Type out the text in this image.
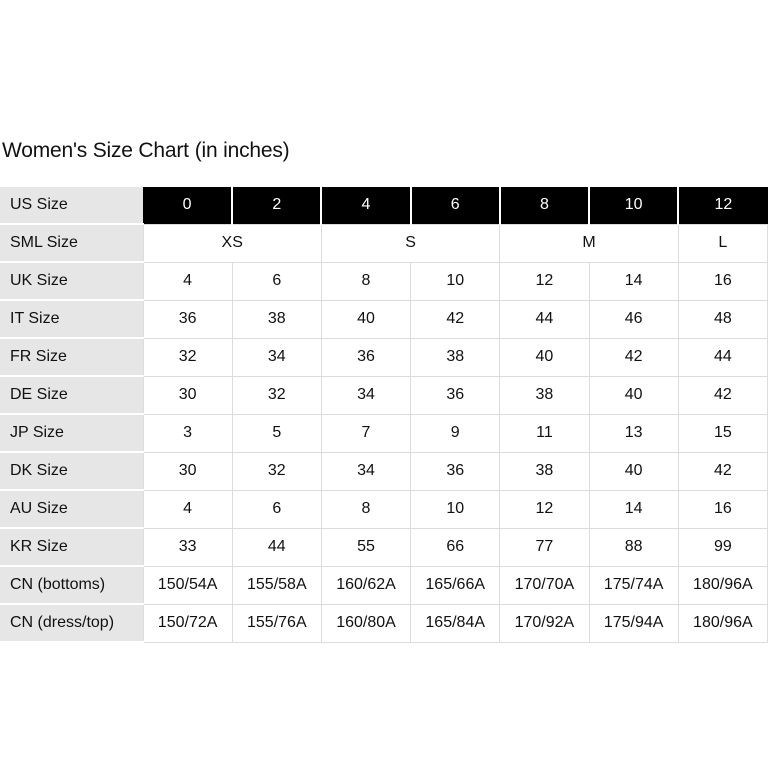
Women's Size Chart (in inches)
US Size	0	2	4	6	8	10	12
SML Size	XS		S		M		L
UK Size	4	6	8	10	12	14	16
IT Size	36	38	40	42	44	46	48
FR Size	32	34	36	38	40	42	44
DE Size	30	32	34	36	38	40	42
JP Size	3	5	7	9	11	13	15
DK Size	30	32	34	36	38	40	42
AU Size	4	6	8	10	12	14	16
KR Size	33	44	55	66	77	88	99
CN (bottoms)	150/54A	155/58A	160/62A	165/66A	170/70A	175/74A	180/96A
CN (dress/top)	150/72A	155/76A	160/80A	165/84A	170/92A	175/94A	180/96A
